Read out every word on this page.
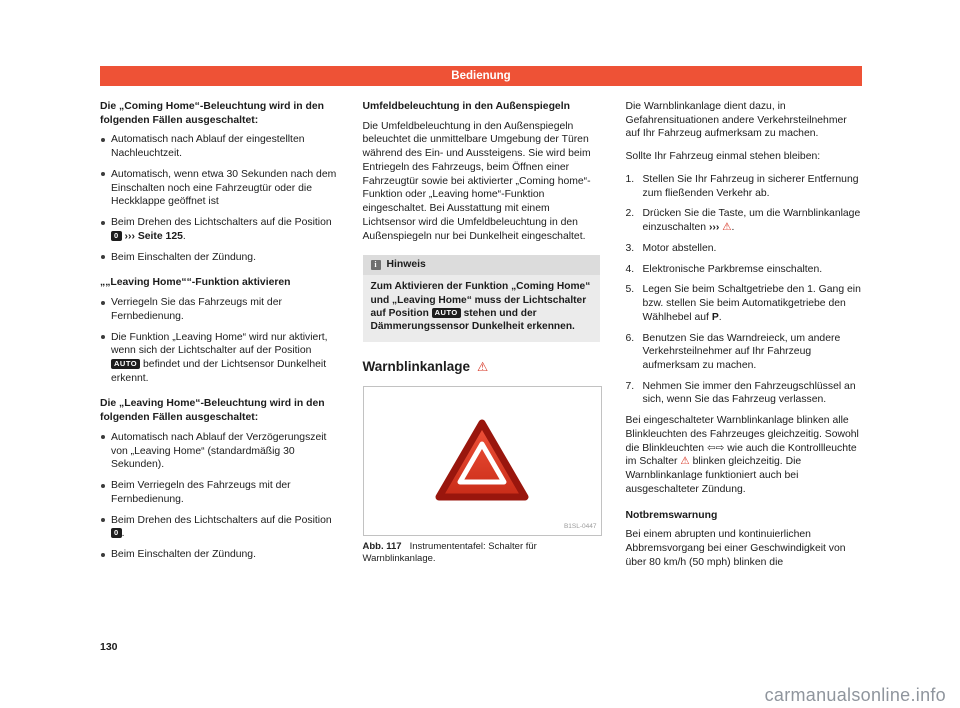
Bedienung

Die „Coming Home“-Beleuchtung wird in den folgenden Fällen ausgeschaltet:

Automatisch nach Ablauf der eingestellten Nachleuchtzeit.
Automatisch, wenn etwa 30 Sekunden nach dem Einschalten noch eine Fahrzeugtür oder die Heckklappe geöffnet ist
Beim Drehen des Lichtschalters auf die Position 0 ››› Seite 125.
Beim Einschalten der Zündung.

„„Leaving Home““-Funktion aktivieren

Verriegeln Sie das Fahrzeugs mit der Fernbedienung.
Die Funktion „Leaving Home“ wird nur aktiviert, wenn sich der Lichtschalter auf der Position AUTO befindet und der Lichtsensor Dunkelheit erkennt.

Die „Leaving Home“-Beleuchtung wird in den folgenden Fällen ausgeschaltet:

Automatisch nach Ablauf der Verzögerungszeit von „Leaving Home“ (standardmäßig 30 Sekunden).
Beim Verriegeln des Fahrzeugs mit der Fernbedienung.
Beim Drehen des Lichtschalters auf die Position 0 .
Beim Einschalten der Zündung.

Umfeldbeleuchtung in den Außenspiegeln

Die Umfeldbeleuchtung in den Außenspiegeln beleuchtet die unmittelbare Umgebung der Türen während des Ein- und Aussteigens. Sie wird beim Entriegeln des Fahrzeugs, beim Öffnen einer Fahrzeugtür sowie bei aktivierter „Coming home“-Funktion oder „Leaving home“-Funktion eingeschaltet. Bei Ausstattung mit einem Lichtsensor wird die Umfeldbeleuchtung in den Außenspiegeln nur bei Dunkelheit eingeschaltet.

i Hinweis
Zum Aktivieren der Funktion „Coming Home“ und „Leaving Home“ muss der Lichtschalter auf Position AUTO stehen und der Dämmerungssensor Dunkelheit erkennen.
Warnblinkanlage ⚠
B1SL-0447
Abb. 117 Instrumententafel: Schalter für Warnblinkanlage.

Die Warnblinkanlage dient dazu, in Gefahrensituationen andere Verkehrsteilnehmer auf Ihr Fahrzeug aufmerksam zu machen.

Sollte Ihr Fahrzeug einmal stehen bleiben:

1. Stellen Sie Ihr Fahrzeug in sicherer Entfernung zum fließenden Verkehr ab.
2. Drücken Sie die Taste, um die Warnblinkanlage einzuschalten ››› ⚠.
3. Motor abstellen.
4. Elektronische Parkbremse einschalten.
5. Legen Sie beim Schaltgetriebe den 1. Gang ein bzw. stellen Sie beim Automatikgetriebe den Wählhebel auf P.
6. Benutzen Sie das Warndreieck, um andere Verkehrsteilnehmer auf Ihr Fahrzeug aufmerksam zu machen.
7. Nehmen Sie immer den Fahrzeugschlüssel an sich, wenn Sie das Fahrzeug verlassen.

Bei eingeschalteter Warnblinkanlage blinken alle Blinkleuchten des Fahrzeuges gleichzeitig. Sowohl die Blinkleuchten ⇦⇨ wie auch die Kontrollleuchte im Schalter ⚠ blinken gleichzeitig. Die Warnblinkanlage funktioniert auch bei ausgeschalteter Zündung.

Notbremswarnung

Bei einem abrupten und kontinuierlichen Abbremsvorgang bei einer Geschwindigkeit von über 80 km/h (50 mph) blinken die

130
carmanualsonline.info
